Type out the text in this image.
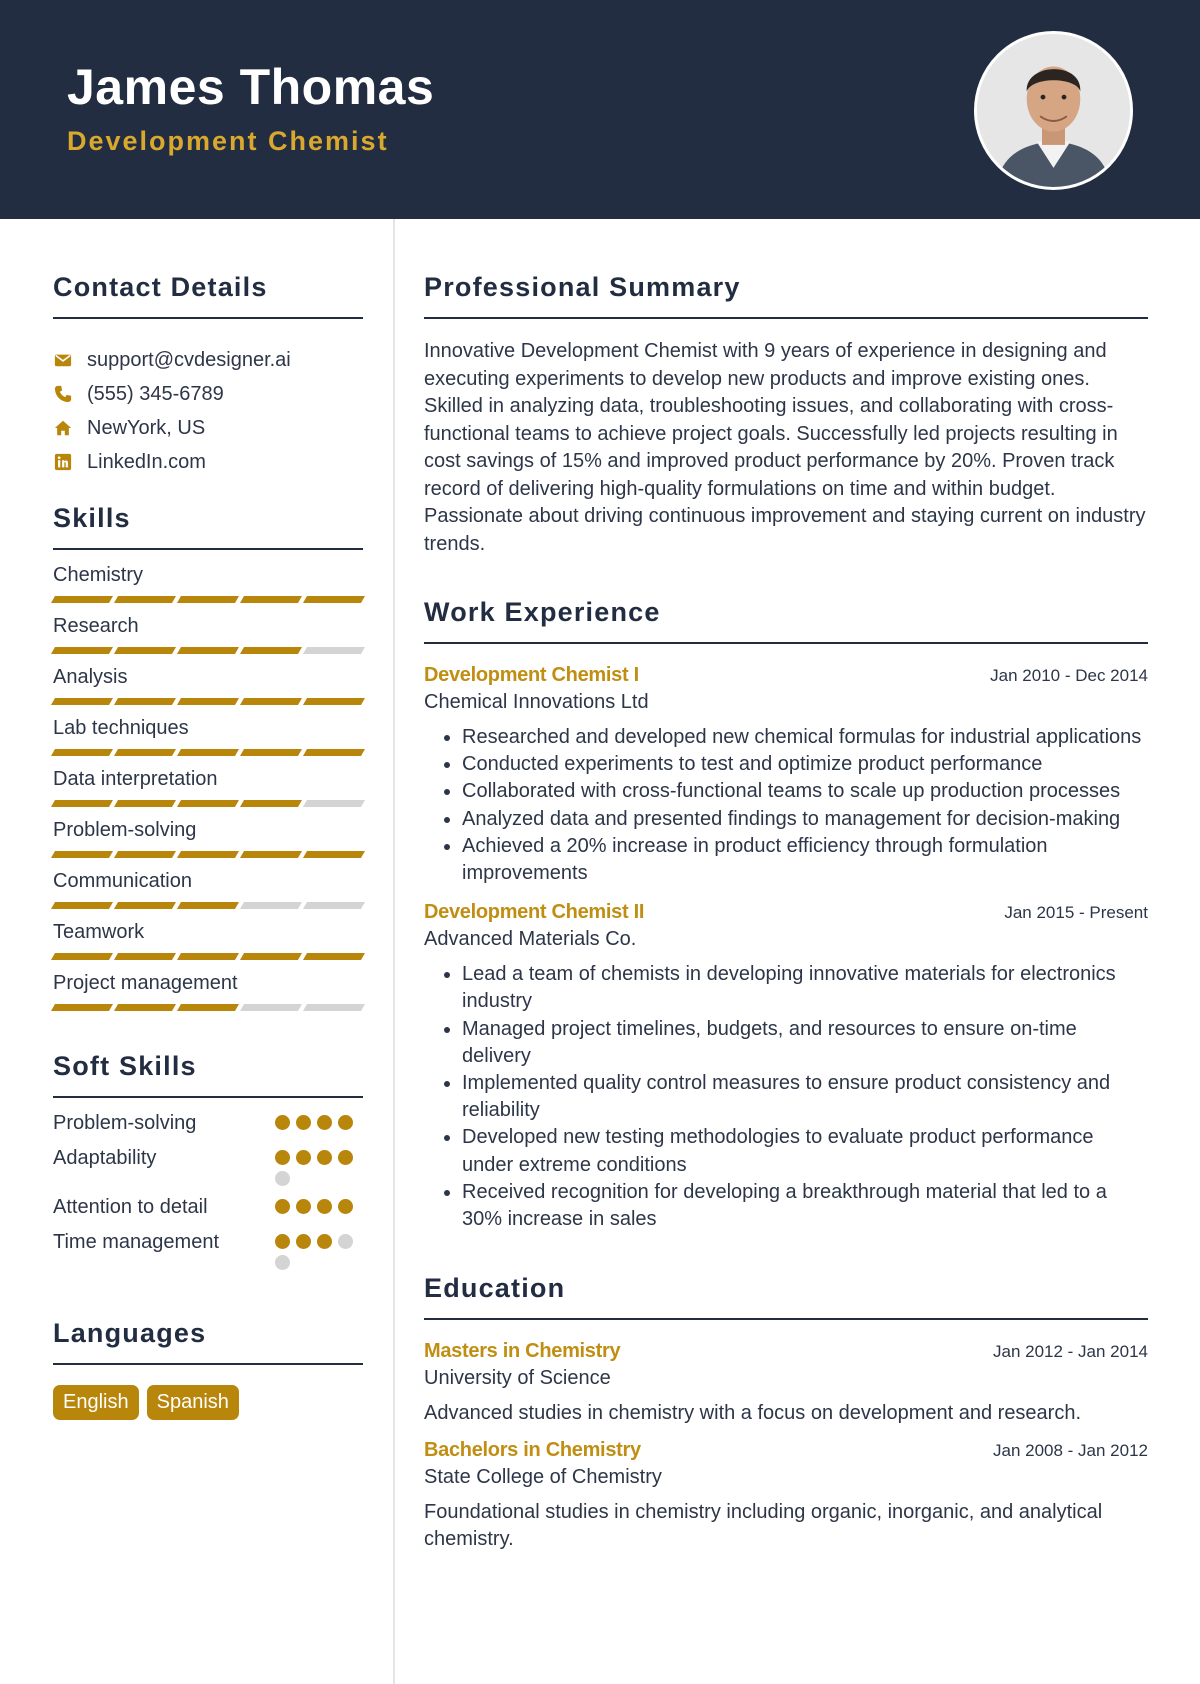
James Thomas
Development Chemist
Contact Details
support@cvdesigner.ai
(555) 345-6789
NewYork, US
LinkedIn.com
Skills
Chemistry
Research
Analysis
Lab techniques
Data interpretation
Problem-solving
Communication
Teamwork
Project management
Soft Skills
Problem-solving
Adaptability
Attention to detail
Time management
Languages
English	Spanish
Professional Summary

Innovative Development Chemist with 9 years of experience in designing and executing experiments to develop new products and improve existing ones. Skilled in analyzing data, troubleshooting issues, and collaborating with cross-functional teams to achieve project goals. Successfully led projects resulting in cost savings of 15% and improved product performance by 20%. Proven track record of delivering high-quality formulations on time and within budget. Passionate about driving continuous improvement and staying current on industry trends.

Work Experience
Development Chemist I	Jan 2010 - Dec 2014
Chemical Innovations Ltd
• Researched and developed new chemical formulas for industrial applications
• Conducted experiments to test and optimize product performance
• Collaborated with cross-functional teams to scale up production processes
• Analyzed data and presented findings to management for decision-making
• Achieved a 20% increase in product efficiency through formulation improvements
Development Chemist II	Jan 2015 - Present
Advanced Materials Co.
• Lead a team of chemists in developing innovative materials for electronics industry
• Managed project timelines, budgets, and resources to ensure on-time delivery
• Implemented quality control measures to ensure product consistency and reliability
• Developed new testing methodologies to evaluate product performance under extreme conditions
• Received recognition for developing a breakthrough material that led to a 30% increase in sales
Education
Masters in Chemistry	Jan 2012 - Jan 2014
University of Science
Advanced studies in chemistry with a focus on development and research.
Bachelors in Chemistry	Jan 2008 - Jan 2012
State College of Chemistry
Foundational studies in chemistry including organic, inorganic, and analytical chemistry.
